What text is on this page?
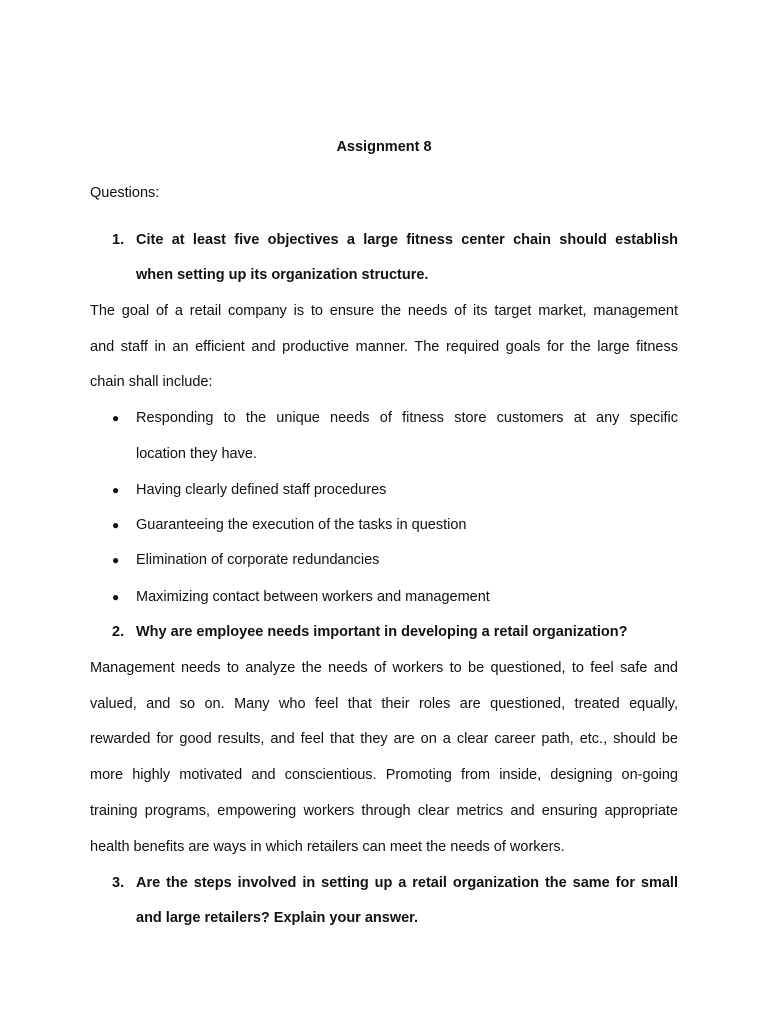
Assignment 8
Questions:
1. Cite at least five objectives a large fitness center chain should establish
when setting up its organization structure.
The goal of a retail company is to ensure the needs of its target market, management
and staff in an efficient and productive manner. The required goals for the large fitness
chain shall include:
● Responding to the unique needs of fitness store customers at any specific
location they have.
● Having clearly defined staff procedures
● Guaranteeing the execution of the tasks in question
● Elimination of corporate redundancies
● Maximizing contact between workers and management
2. Why are employee needs important in developing a retail organization?
Management needs to analyze the needs of workers to be questioned, to feel safe and
valued, and so on. Many who feel that their roles are questioned, treated equally,
rewarded for good results, and feel that they are on a clear career path, etc., should be
more highly motivated and conscientious. Promoting from inside, designing on-going
training programs, empowering workers through clear metrics and ensuring appropriate
health benefits are ways in which retailers can meet the needs of workers.
3. Are the steps involved in setting up a retail organization the same for small
and large retailers? Explain your answer.
